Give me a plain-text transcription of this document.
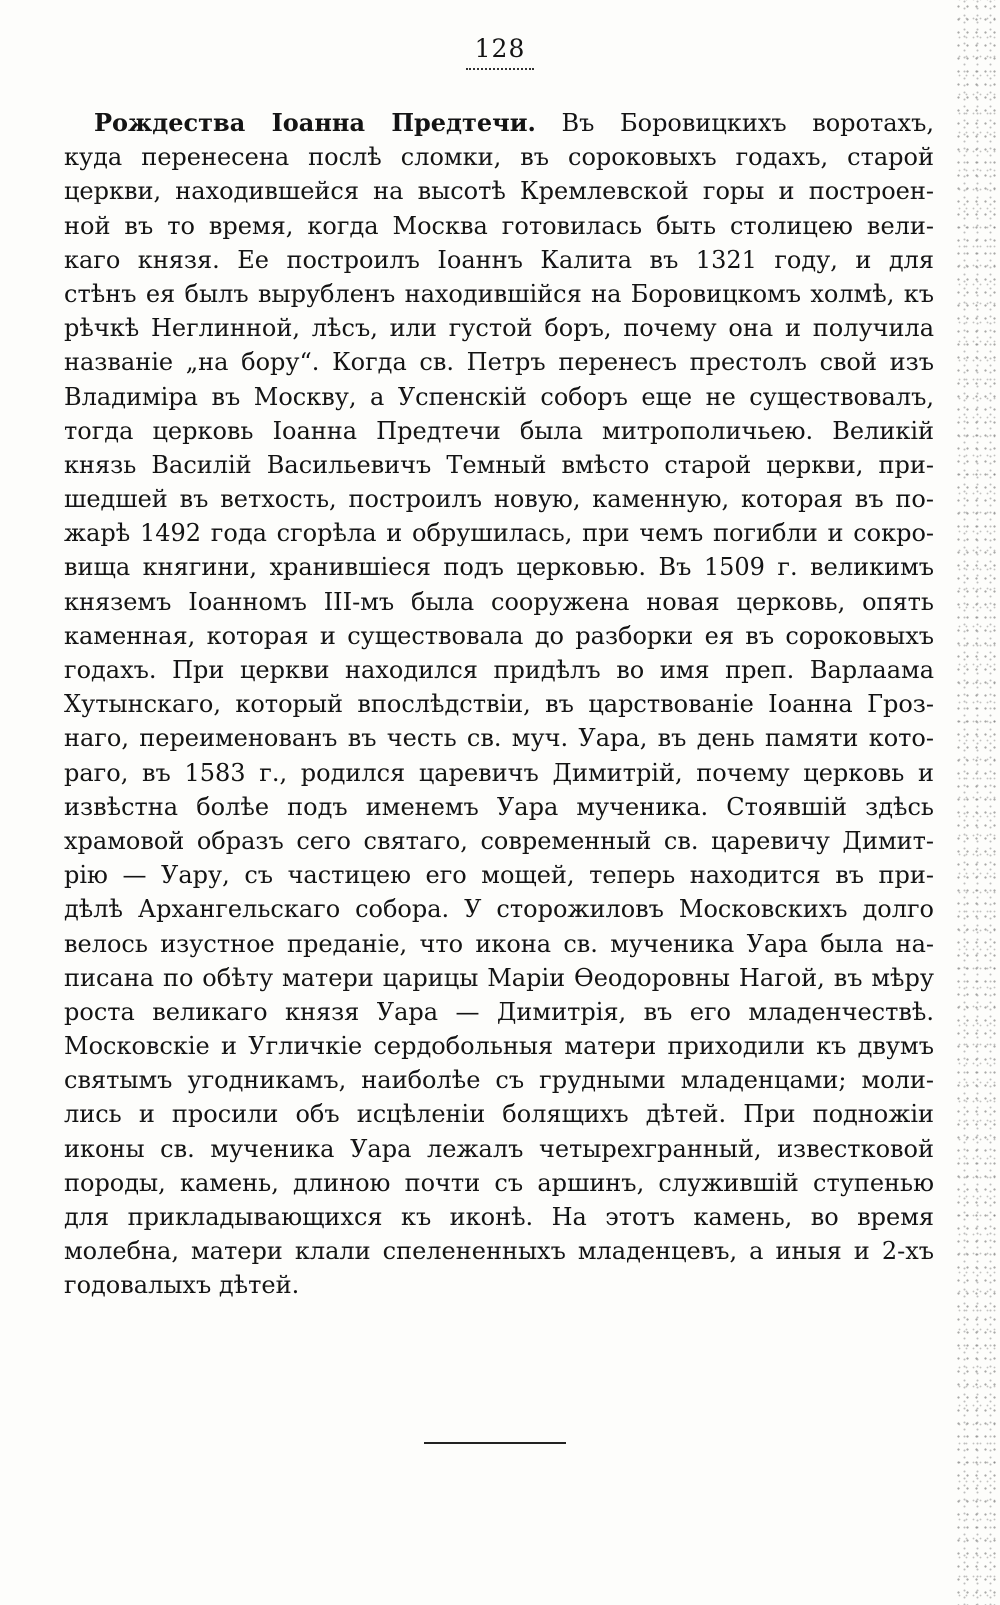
128
Рождества Іоанна Предтечи. Въ Боровицкихъ воротахъ,
куда перенесена послѣ сломки, въ сороковыхъ годахъ, старой
церкви, находившейся на высотѣ Кремлевской горы и построен-
ной въ то время, когда Москва готовилась быть столицею вели-
каго князя. Ее построилъ Іоаннъ Калита въ 1321 году, и для
стѣнъ ея былъ вырубленъ находившійся на Боровицкомъ холмѣ, къ
рѣчкѣ Неглинной, лѣсъ, или густой боръ, почему она и получила
названіе „на бору“. Когда св. Петръ перенесъ престолъ свой изъ
Владиміра въ Москву, а Успенскій соборъ еще не существовалъ,
тогда церковь Іоанна Предтечи была митрополичьею. Великій
князь Василій Васильевичъ Темный вмѣсто старой церкви, при-
шедшей въ ветхость, построилъ новую, каменную, которая въ по-
жарѣ 1492 года сгорѣла и обрушилась, при чемъ погибли и сокро-
вища княгини, хранившіеся подъ церковью. Въ 1509 г. великимъ
княземъ Іоанномъ III-мъ была сооружена новая церковь, опять
каменная, которая и существовала до разборки ея въ сороковыхъ
годахъ. При церкви находился придѣлъ во имя преп. Варлаама
Хутынскаго, который впослѣдствіи, въ царствованіе Іоанна Гроз-
наго, переименованъ въ честь св. муч. Уара, въ день памяти кото-
раго, въ 1583 г., родился царевичъ Димитрій, почему церковь и
извѣстна болѣе подъ именемъ Уара мученика. Стоявшій здѣсь
храмовой образъ сего святаго, современный св. царевичу Димит-
рію — Уару, съ частицею его мощей, теперь находится въ при-
дѣлѣ Архангельскаго собора. У сторожиловъ Московскихъ долго
велось изустное преданіе, что икона св. мученика Уара была на-
писана по обѣту матери царицы Маріи Ѳеодоровны Нагой, въ мѣру
роста великаго князя Уара — Димитрія, въ его младенчествѣ.
Московскіе и Угличкіе сердобольныя матери приходили къ двумъ
святымъ угодникамъ, наиболѣе съ грудными младенцами; моли-
лись и просили объ исцѣленіи болящихъ дѣтей. При подножіи
иконы св. мученика Уара лежалъ четырехгранный, известковой
породы, камень, длиною почти съ аршинъ, служившій ступенью
для прикладывающихся къ иконѣ. На этотъ камень, во время
молебна, матери клали спелененныхъ младенцевъ, а иныя и 2-хъ
годовалыхъ дѣтей.
